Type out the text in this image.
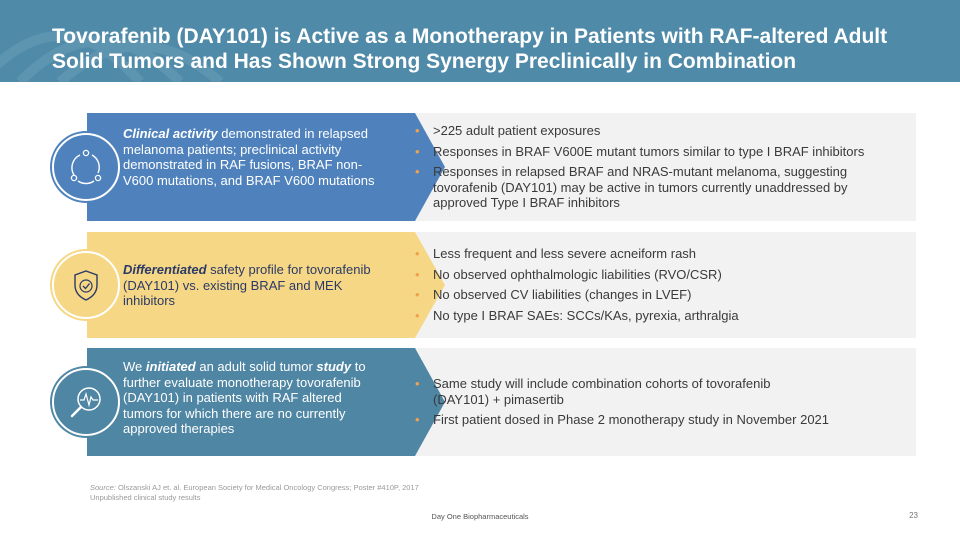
Tovorafenib (DAY101) is Active as a Monotherapy in Patients with RAF-altered Adult Solid Tumors and Has Shown Strong Synergy Preclinically in Combination
Clinical activity demonstrated in relapsed melanoma patients; preclinical activity demonstrated in RAF fusions, BRAF non-V600 mutations, and BRAF V600 mutations
• >225 adult patient exposures
• Responses in BRAF V600E mutant tumors similar to type I BRAF inhibitors
• Responses in relapsed BRAF and NRAS-mutant melanoma, suggesting tovorafenib (DAY101) may be active in tumors currently unaddressed by approved Type I BRAF inhibitors
Differentiated safety profile for tovorafenib (DAY101) vs. existing BRAF and MEK inhibitors
• Less frequent and less severe acneiform rash
• No observed ophthalmologic liabilities (RVO/CSR)
• No observed CV liabilities (changes in LVEF)
• No type I BRAF SAEs: SCCs/KAs, pyrexia, arthralgia
We initiated an adult solid tumor study to further evaluate monotherapy tovorafenib (DAY101) in patients with RAF altered tumors for which there are no currently approved therapies
• Same study will include combination cohorts of tovorafenib (DAY101) + pimasertib
• First patient dosed in Phase 2 monotherapy study in November 2021
Source: Olszanski AJ et. al. European Society for Medical Oncology Congress; Poster #410P, 2017
Unpublished clinical study results
Day One Biopharmaceuticals	23
